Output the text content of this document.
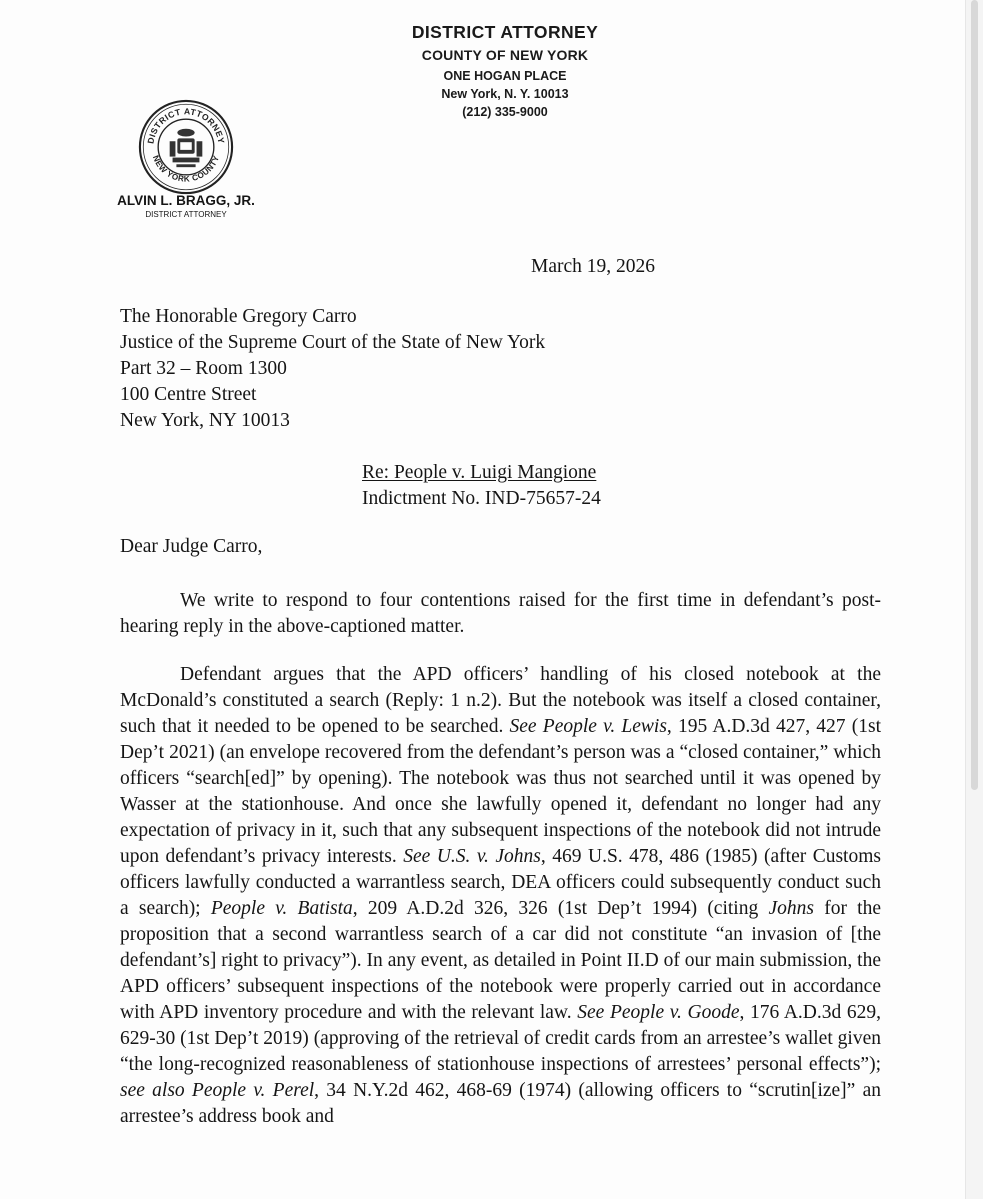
DISTRICT ATTORNEY
COUNTY OF NEW YORK
ONE HOGAN PLACE
New York, N. Y. 10013
(212) 335-9000
DISTRICT ATTORNEY
NEW YORK COUNTY
ALVIN L. BRAGG, JR.
DISTRICT ATTORNEY
March 19, 2026
The Honorable Gregory Carro
Justice of the Supreme Court of the State of New York
Part 32 – Room 1300
100 Centre Street
New York, NY 10013
Re: People v. Luigi Mangione
Indictment No. IND-75657-24
Dear Judge Carro,

We write to respond to four contentions raised for the first time in defendant’s post-hearing reply in the above-captioned matter.

Defendant argues that the APD officers’ handling of his closed notebook at the McDonald’s constituted a search (Reply: 1 n.2). But the notebook was itself a closed container, such that it needed to be opened to be searched. See People v. Lewis, 195 A.D.3d 427, 427 (1st Dep’t 2021) (an envelope recovered from the defendant’s person was a “closed container,” which officers “search[ed]” by opening). The notebook was thus not searched until it was opened by Wasser at the stationhouse. And once she lawfully opened it, defendant no longer had any expectation of privacy in it, such that any subsequent inspections of the notebook did not intrude upon defendant’s privacy interests. See U.S. v. Johns, 469 U.S. 478, 486 (1985) (after Customs officers lawfully conducted a warrantless search, DEA officers could subsequently conduct such a search); People v. Batista, 209 A.D.2d 326, 326 (1st Dep’t 1994) (citing Johns for the proposition that a second warrantless search of a car did not constitute “an invasion of [the defendant’s] right to privacy”). In any event, as detailed in Point II.D of our main submission, the APD officers’ subsequent inspections of the notebook were properly carried out in accordance with APD inventory procedure and with the relevant law. See People v. Goode, 176 A.D.3d 629, 629-30 (1st Dep’t 2019) (approving of the retrieval of credit cards from an arrestee’s wallet given “the long-recognized reasonableness of stationhouse inspections of arrestees’ personal effects”); see also People v. Perel, 34 N.Y.2d 462, 468-69 (1974) (allowing officers to “scrutin[ize]” an arrestee’s address book and
